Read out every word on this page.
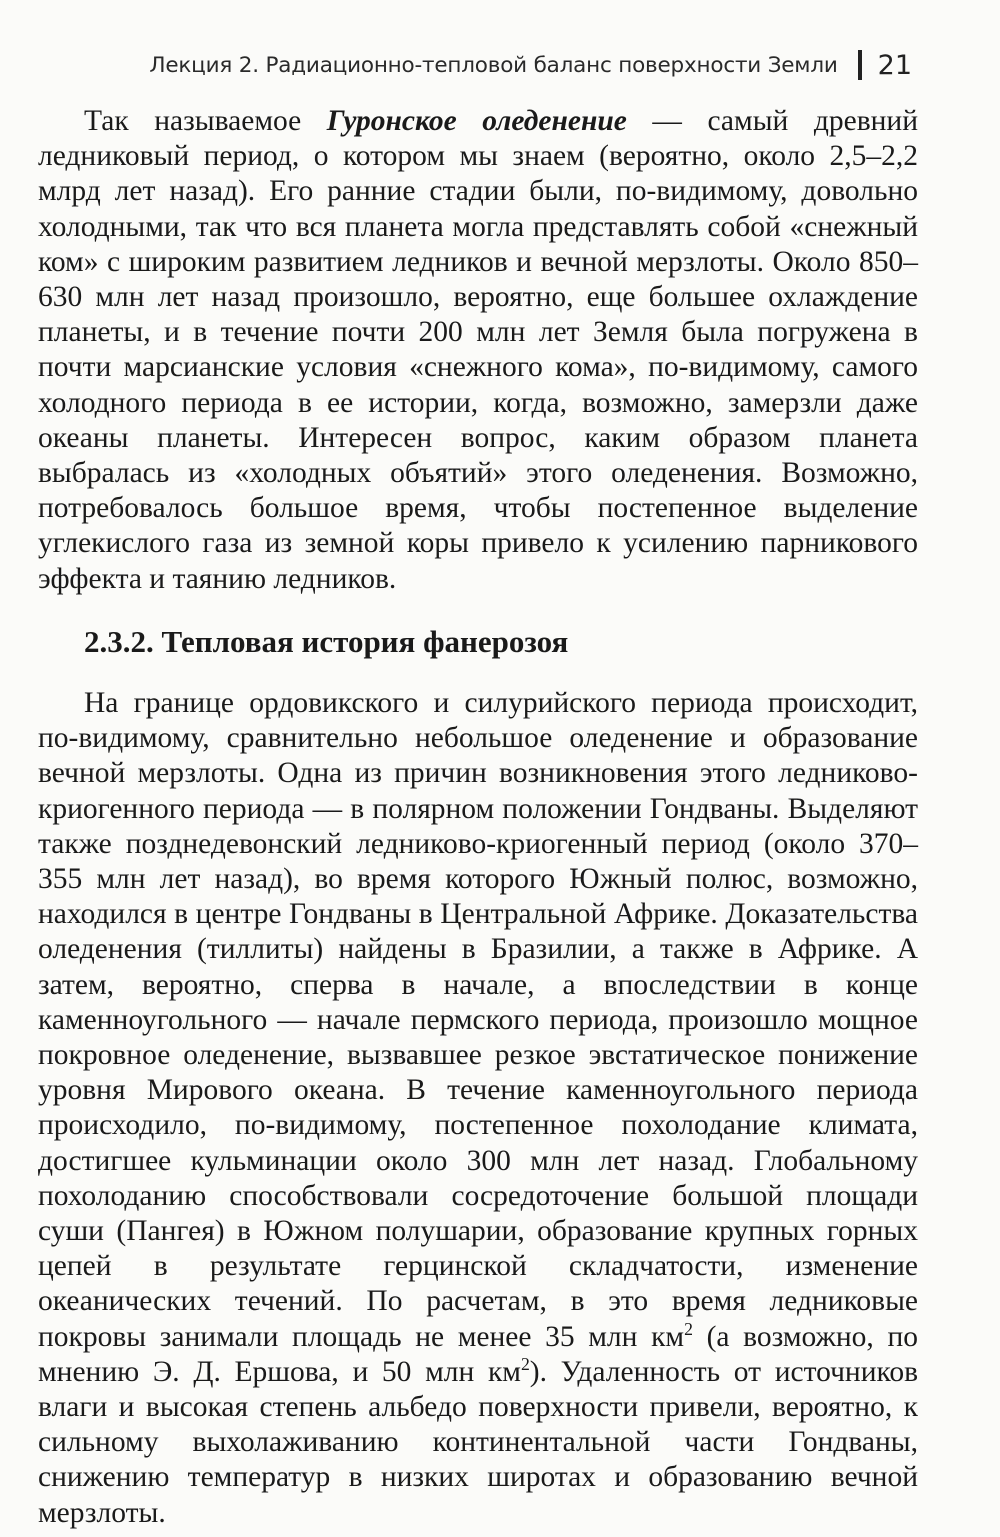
Лекция 2. Радиационно-тепловой баланс поверхности Земли 21

Так называемое Гуронское оледенение — самый древний ледниковый период, о котором мы знаем (вероятно, около 2,5–2,2 млрд лет назад). Его ранние стадии были, по-видимому, довольно холодными, так что вся планета могла представлять собой «снежный ком» с широким развитием ледников и вечной мерзлоты. Около 850–630 млн лет назад произошло, вероятно, еще большее охлаждение планеты, и в течение почти 200 млн лет Земля была погружена в почти марсианские условия «снежного кома», по-видимому, самого холодного периода в ее истории, когда, возможно, замерзли даже океаны планеты. Интересен вопрос, каким образом планета выбралась из «холодных объятий» этого оледенения. Возможно, потребовалось большое время, чтобы постепенное выделение углекислого газа из земной коры привело к усилению парникового эффекта и таянию ледников.

2.3.2. Тепловая история фанерозоя

На границе ордовикского и силурийского периода происходит, по-видимому, сравнительно небольшое оледенение и образование вечной мерзлоты. Одна из причин возникновения этого ледниково-криогенного периода — в полярном положении Гондваны. Выделяют также позднедевонский ледниково-криогенный период (около 370–355 млн лет назад), во время которого Южный полюс, возможно, находился в центре Гондваны в Центральной Африке. Доказательства оледенения (тиллиты) найдены в Бразилии, а также в Африке. А затем, вероятно, сперва в начале, а впоследствии в конце каменноугольного — начале пермского периода, произошло мощное покровное оледенение, вызвавшее резкое эвстатическое понижение уровня Мирового океана. В течение каменноугольного периода происходило, по-видимому, постепенное похолодание климата, достигшее кульминации около 300 млн лет назад. Глобальному похолоданию способствовали сосредоточение большой площади суши (Пангея) в Южном полушарии, образование крупных горных цепей в результате герцинской складчатости, изменение океанических течений. По расчетам, в это время ледниковые покровы занимали площадь не менее 35 млн $км^2$ (а возможно, по мнению Э. Д. Ершова, и 50 млн $км^2$). Удаленность от источников влаги и высокая степень альбедо поверхности привели, вероятно, к сильному выхолаживанию континентальной части Гондваны, снижению температур в низких широтах и образованию вечной мерзлоты.
